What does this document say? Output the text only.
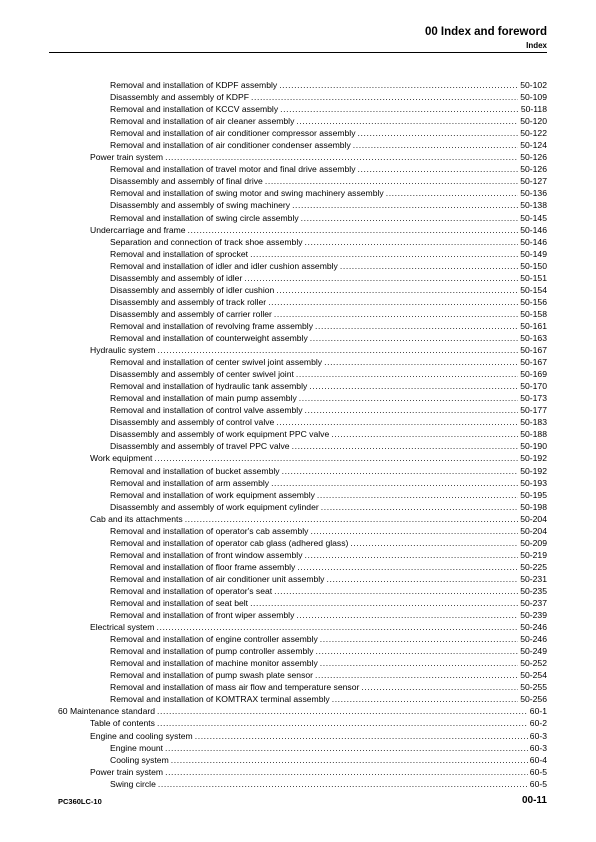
00 Index and foreword
Index
Removal and installation of KDPF assembly .....	50-102
Disassembly and assembly of KDPF .....	50-109
Removal and installation of KCCV assembly .....	50-118
Removal and installation of air cleaner assembly .....	50-120
Removal and installation of air conditioner compressor assembly .....	50-122
Removal and installation of air conditioner condenser assembly .....	50-124
Power train system .....	50-126
Removal and installation of travel motor and final drive assembly .....	50-126
Disassembly and assembly of final drive .....	50-127
Removal and installation of swing motor and swing machinery assembly .....	50-136
Disassembly and assembly of swing machinery .....	50-138
Removal and installation of swing circle assembly .....	50-145
Undercarriage and frame .....	50-146
Separation and connection of track shoe assembly .....	50-146
Removal and installation of sprocket .....	50-149
Removal and installation of idler and idler cushion assembly .....	50-150
Disassembly and assembly of idler .....	50-151
Disassembly and assembly of idler cushion .....	50-154
Disassembly and assembly of track roller .....	50-156
Disassembly and assembly of carrier roller .....	50-158
Removal and installation of revolving frame assembly .....	50-161
Removal and installation of counterweight assembly .....	50-163
Hydraulic system .....	50-167
Removal and installation of center swivel joint assembly .....	50-167
Disassembly and assembly of center swivel joint .....	50-169
Removal and installation of hydraulic tank assembly .....	50-170
Removal and installation of main pump assembly .....	50-173
Removal and installation of control valve assembly .....	50-177
Disassembly and assembly of control valve .....	50-183
Disassembly and assembly of work equipment PPC valve .....	50-188
Disassembly and assembly of travel PPC valve .....	50-190
Work equipment .....	50-192
Removal and installation of bucket assembly .....	50-192
Removal and installation of arm assembly .....	50-193
Removal and installation of work equipment assembly .....	50-195
Disassembly and assembly of work equipment cylinder .....	50-198
Cab and its attachments .....	50-204
Removal and installation of operator's cab assembly .....	50-204
Removal and installation of operator cab glass (adhered glass) .....	50-209
Removal and installation of front window assembly .....	50-219
Removal and installation of floor frame assembly .....	50-225
Removal and installation of air conditioner unit assembly .....	50-231
Removal and installation of operator's seat .....	50-235
Removal and installation of seat belt .....	50-237
Removal and installation of front wiper assembly .....	50-239
Electrical system .....	50-246
Removal and installation of engine controller assembly .....	50-246
Removal and installation of pump controller assembly .....	50-249
Removal and installation of machine monitor assembly .....	50-252
Removal and installation of pump swash plate sensor .....	50-254
Removal and installation of mass air flow and temperature sensor .....	50-255
Removal and installation of KOMTRAX terminal assembly .....	50-256
60 Maintenance standard .....	60-1
Table of contents .....	60-2
Engine and cooling system .....	60-3
Engine mount .....	60-3
Cooling system .....	60-4
Power train system .....	60-5
Swing circle .....	60-5
PC360LC-10	00-11
